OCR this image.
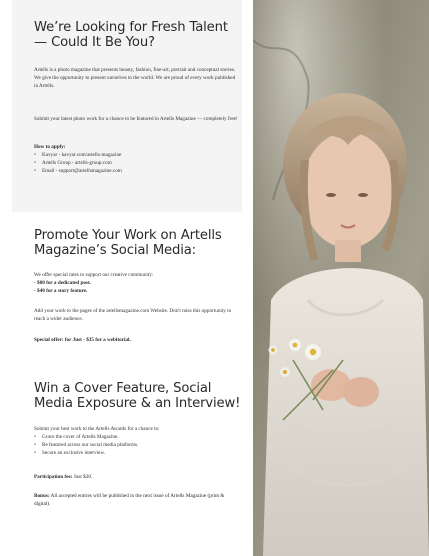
We’re Looking for Fresh Talent — Could It Be You?

Artells is a photo magazine that presents beauty, fashion, fine-art, portrait and conceptual stories. We give the opportunity to present ourselves to the world. We are proud of every work published in Artells.

Submit your latest photo work for a chance to be featured in Artells Magazine — completely free!

How to apply:

• Kavyar - kavyar.com/artells-magazine
• Artells Group - artells-group.com
• Email - support@artellsmagazine.com
Promote Your Work on Artells Magazine’s Social Media:

We offer special rates to support our creative community:

- $80 for a dedicated post.
- $40 for a story feature.

Add your work to the pages of the artellsmagazine.com Website. Don't miss this opportunity to reach a wider audience.

Special offer: for Just - $35 for a webitorial.

Win a Cover Feature, Social Media Exposure & an Interview!

Submit your best work to the Artells Awards for a chance to:

• Grace the cover of Artells Magazine.
• Be featured across our social media platforms.
• Secure an exclusive interview.

Participation fee: Just $30.

Bonus: All accepted entries will be published in the next issue of Artells Magazine (print & digital).
